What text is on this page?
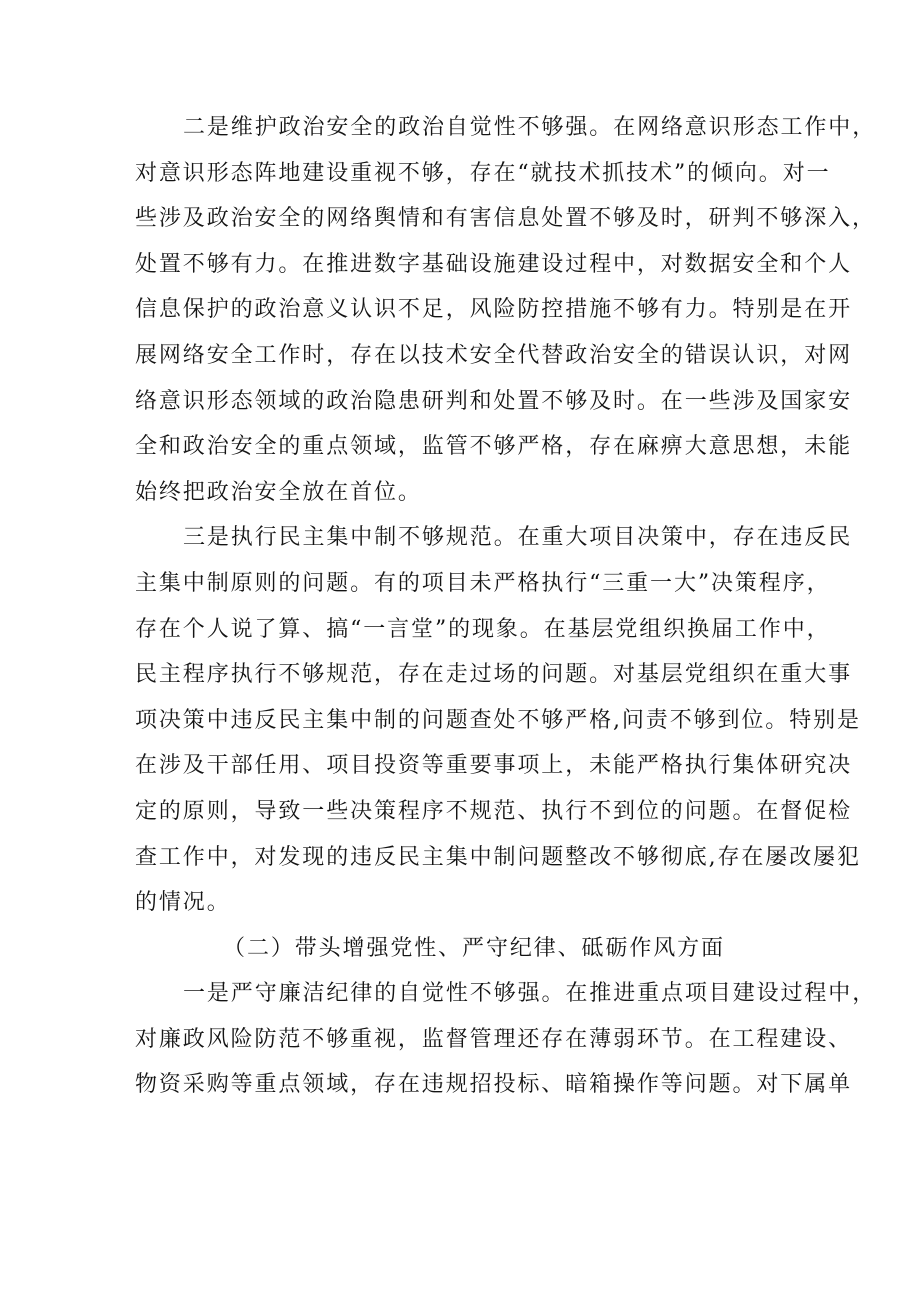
二是维护政治安全的政治自觉性不够强。在网络意识形态工作中，
对意识形态阵地建设重视不够，存在“就技术抓技术”的倾向。对一
些涉及政治安全的网络舆情和有害信息处置不够及时，研判不够深入，
处置不够有力。在推进数字基础设施建设过程中，对数据安全和个人
信息保护的政治意义认识不足，风险防控措施不够有力。特别是在开
展网络安全工作时，存在以技术安全代替政治安全的错误认识，对网
络意识形态领域的政治隐患研判和处置不够及时。在一些涉及国家安
全和政治安全的重点领域，监管不够严格，存在麻痹大意思想，未能
始终把政治安全放在首位。

三是执行民主集中制不够规范。在重大项目决策中，存在违反民
主集中制原则的问题。有的项目未严格执行“三重一大”决策程序，
存在个人说了算、搞“一言堂”的现象。在基层党组织换届工作中，
民主程序执行不够规范，存在走过场的问题。对基层党组织在重大事
项决策中违反民主集中制的问题查处不够严格,问责不够到位。特别是
在涉及干部任用、项目投资等重要事项上，未能严格执行集体研究决
定的原则，导致一些决策程序不规范、执行不到位的问题。在督促检
查工作中，对发现的违反民主集中制问题整改不够彻底,存在屡改屡犯
的情况。

（二）带头增强党性、严守纪律、砥砺作风方面

一是严守廉洁纪律的自觉性不够强。在推进重点项目建设过程中，
对廉政风险防范不够重视，监督管理还存在薄弱环节。在工程建设、
物资采购等重点领域，存在违规招投标、暗箱操作等问题。对下属单
